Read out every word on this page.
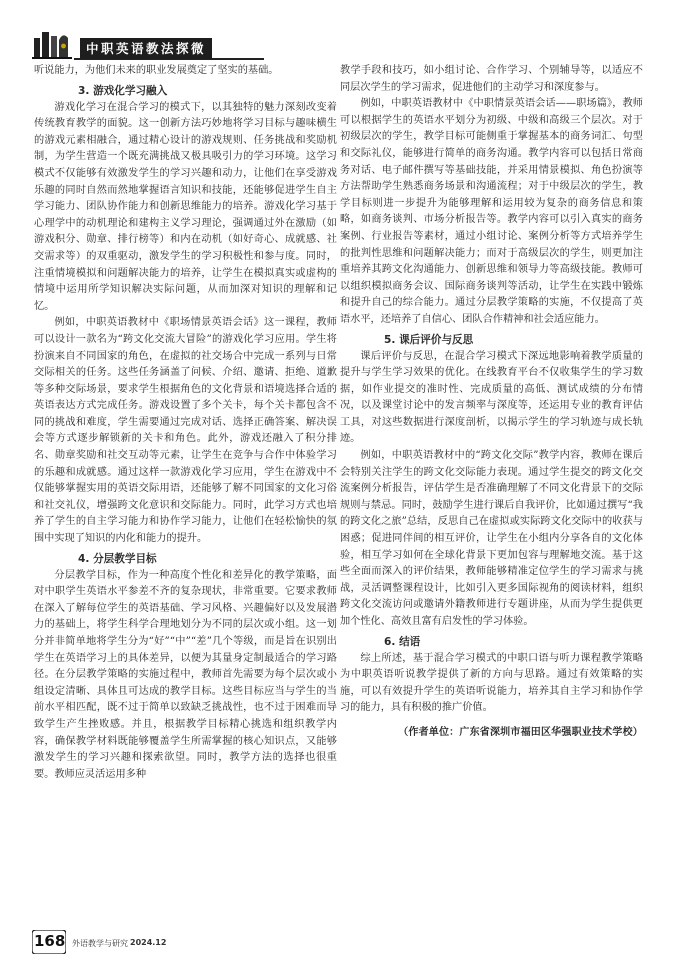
中职英语教法探微

听说能力，为他们未来的职业发展奠定了坚实的基础。

3. 游戏化学习融入

游戏化学习在混合学习的模式下，以其独特的魅力深刻改变着传统教育教学的面貌。这一创新方法巧妙地将学习目标与趣味横生的游戏元素相融合，通过精心设计的游戏规则、任务挑战和奖励机制，为学生营造一个既充满挑战又极具吸引力的学习环境。这学习模式不仅能够有效激发学生的学习兴趣和动力，让他们在享受游戏乐趣的同时自然而然地掌握语言知识和技能，还能够促进学生自主学习能力、团队协作能力和创新思维能力的培养。游戏化学习基于心理学中的动机理论和建构主义学习理论，强调通过外在激励（如游戏积分、勋章、排行榜等）和内在动机（如好奇心、成就感、社交需求等）的双重驱动，激发学生的学习积极性和参与度。同时，注重情境模拟和问题解决能力的培养，让学生在模拟真实或虚构的情境中运用所学知识解决实际问题，从而加深对知识的理解和记忆。

例如，中职英语教材中《职场情景英语会话》这一课程，教师可以设计一款名为“跨文化交流大冒险”的游戏化学习应用。学生将扮演来自不同国家的角色，在虚拟的社交场合中完成一系列与日常交际相关的任务。这些任务涵盖了问候、介绍、邀请、拒绝、道歉等多种交际场景，要求学生根据角色的文化背景和语境选择合适的英语表达方式完成任务。游戏设置了多个关卡，每个关卡都包含不同的挑战和难度，学生需要通过完成对话、选择正确答案、解决误会等方式逐步解锁新的关卡和角色。此外，游戏还融入了积分排名、勋章奖励和社交互动等元素，让学生在竞争与合作中体验学习的乐趣和成就感。通过这样一款游戏化学习应用，学生在游戏中不仅能够掌握实用的英语交际用语，还能够了解不同国家的文化习俗和社交礼仪，增强跨文化意识和交际能力。同时，此学习方式也培养了学生的自主学习能力和协作学习能力，让他们在轻松愉快的氛围中实现了知识的内化和能力的提升。

4. 分层教学目标

分层教学目标，作为一种高度个性化和差异化的教学策略，面对中职学生英语水平参差不齐的复杂现状，非常重要。它要求教师在深入了解每位学生的英语基础、学习风格、兴趣偏好以及发展潜力的基础上，将学生科学合理地划分为不同的层次或小组。这一划分并非简单地将学生分为“好”“中”“差”几个等级，而是旨在识别出学生在英语学习上的具体差异，以便为其量身定制最适合的学习路径。在分层教学策略的实施过程中，教师首先需要为每个层次或小组设定清晰、具体且可达成的教学目标。这些目标应当与学生的当前水平相匹配，既不过于简单以致缺乏挑战性，也不过于困难而导致学生产生挫败感。并且，根据教学目标精心挑选和组织教学内容，确保教学材料既能够覆盖学生所需掌握的核心知识点，又能够激发学生的学习兴趣和探索欲望。同时，教学方法的选择也很重要。教师应灵活运用多种

教学手段和技巧，如小组讨论、合作学习、个别辅导等，以适应不同层次学生的学习需求，促进他们的主动学习和深度参与。

例如，中职英语教材中《中职情景英语会话——职场篇》，教师可以根据学生的英语水平划分为初级、中级和高级三个层次。对于初级层次的学生，教学目标可能侧重于掌握基本的商务词汇、句型和交际礼仪，能够进行简单的商务沟通。教学内容可以包括日常商务对话、电子邮件撰写等基础技能，并采用情景模拟、角色扮演等方法帮助学生熟悉商务场景和沟通流程；对于中级层次的学生，教学目标则进一步提升为能够理解和运用较为复杂的商务信息和策略，如商务谈判、市场分析报告等。教学内容可以引入真实的商务案例、行业报告等素材，通过小组讨论、案例分析等方式培养学生的批判性思维和问题解决能力；而对于高级层次的学生，则更加注重培养其跨文化沟通能力、创新思维和领导力等高级技能。教师可以组织模拟商务会议、国际商务谈判等活动，让学生在实践中锻炼和提升自己的综合能力。通过分层教学策略的实施，不仅提高了英语水平，还培养了自信心、团队合作精神和社会适应能力。

5. 课后评价与反思

课后评价与反思，在混合学习模式下深远地影响着教学质量的提升与学生学习效果的优化。在线教育平台不仅收集学生的学习数据，如作业提交的准时性、完成质量的高低、测试成绩的分布情况，以及课堂讨论中的发言频率与深度等，还运用专业的教育评估工具，对这些数据进行深度剖析，以揭示学生的学习轨迹与成长轨迹。

例如，中职英语教材中的“跨文化交际”教学内容，教师在课后会特别关注学生的跨文化交际能力表现。通过学生提交的跨文化交流案例分析报告，评估学生是否准确理解了不同文化背景下的交际规则与禁忌。同时，鼓励学生进行课后自我评价，比如通过撰写“我的跨文化之旅”总结，反思自己在虚拟或实际跨文化交际中的收获与困惑；促进同伴间的相互评价，让学生在小组内分享各自的文化体验，相互学习如何在全球化背景下更加包容与理解地交流。基于这些全面而深入的评价结果，教师能够精准定位学生的学习需求与挑战，灵活调整课程设计，比如引入更多国际视角的阅读材料，组织跨文化交流访问或邀请外籍教师进行专题讲座，从而为学生提供更加个性化、高效且富有启发性的学习体验。

6. 结语

综上所述，基于混合学习模式的中职口语与听力课程教学策略为中职英语听说教学提供了新的方向与思路。通过有效策略的实施，可以有效提升学生的英语听说能力，培养其自主学习和协作学习的能力，具有积极的推广价值。

（作者单位：广东省深圳市福田区华强职业技术学校）
168 外语教学与研究 2024.12
